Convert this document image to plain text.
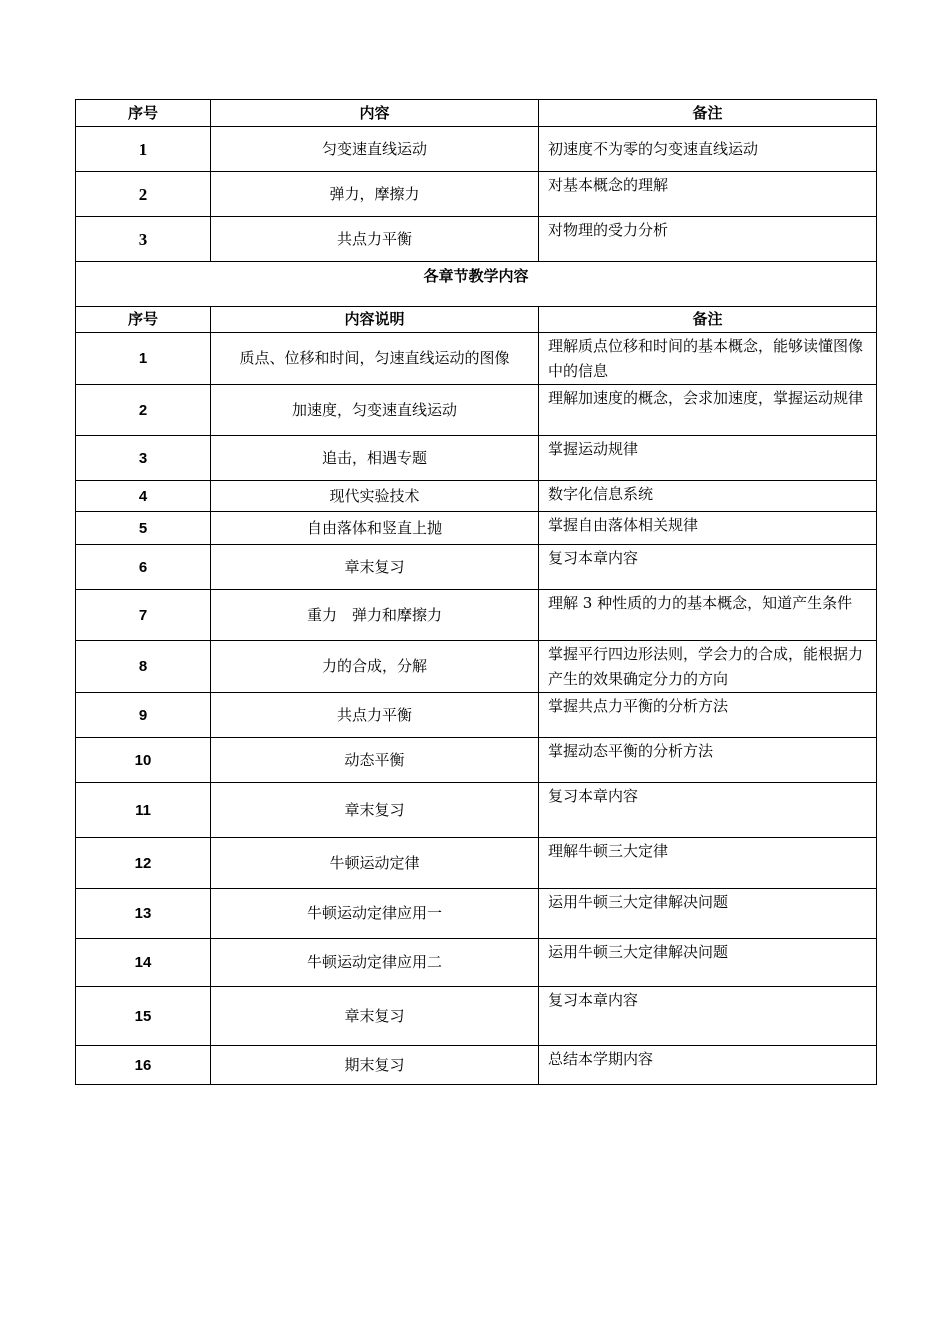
序号	内容	备注
1	匀变速直线运动	初速度不为零的匀变速直线运动
2	弹力，摩擦力	对基本概念的理解
3	共点力平衡	对物理的受力分析
各章节教学内容		
序号	内容说明	备注
1	质点、位移和时间，匀速直线运动的图像	理解质点位移和时间的基本概念，能够读懂图像中的信息
2	加速度，匀变速直线运动	理解加速度的概念，会求加速度，掌握运动规律
3	追击，相遇专题	掌握运动规律
4	现代实验技术	数字化信息系统
5	自由落体和竖直上抛	掌握自由落体相关规律
6	章末复习	复习本章内容
7	重力　弹力和摩擦力	理解 3 种性质的力的基本概念，知道产生条件
8	力的合成，分解	掌握平行四边形法则，学会力的合成，能根据力产生的效果确定分力的方向
9	共点力平衡	掌握共点力平衡的分析方法
10	动态平衡	掌握动态平衡的分析方法
11	章末复习	复习本章内容
12	牛顿运动定律	理解牛顿三大定律
13	牛顿运动定律应用一	运用牛顿三大定律解决问题
14	牛顿运动定律应用二	运用牛顿三大定律解决问题
15	章末复习	复习本章内容
16	期末复习	总结本学期内容
